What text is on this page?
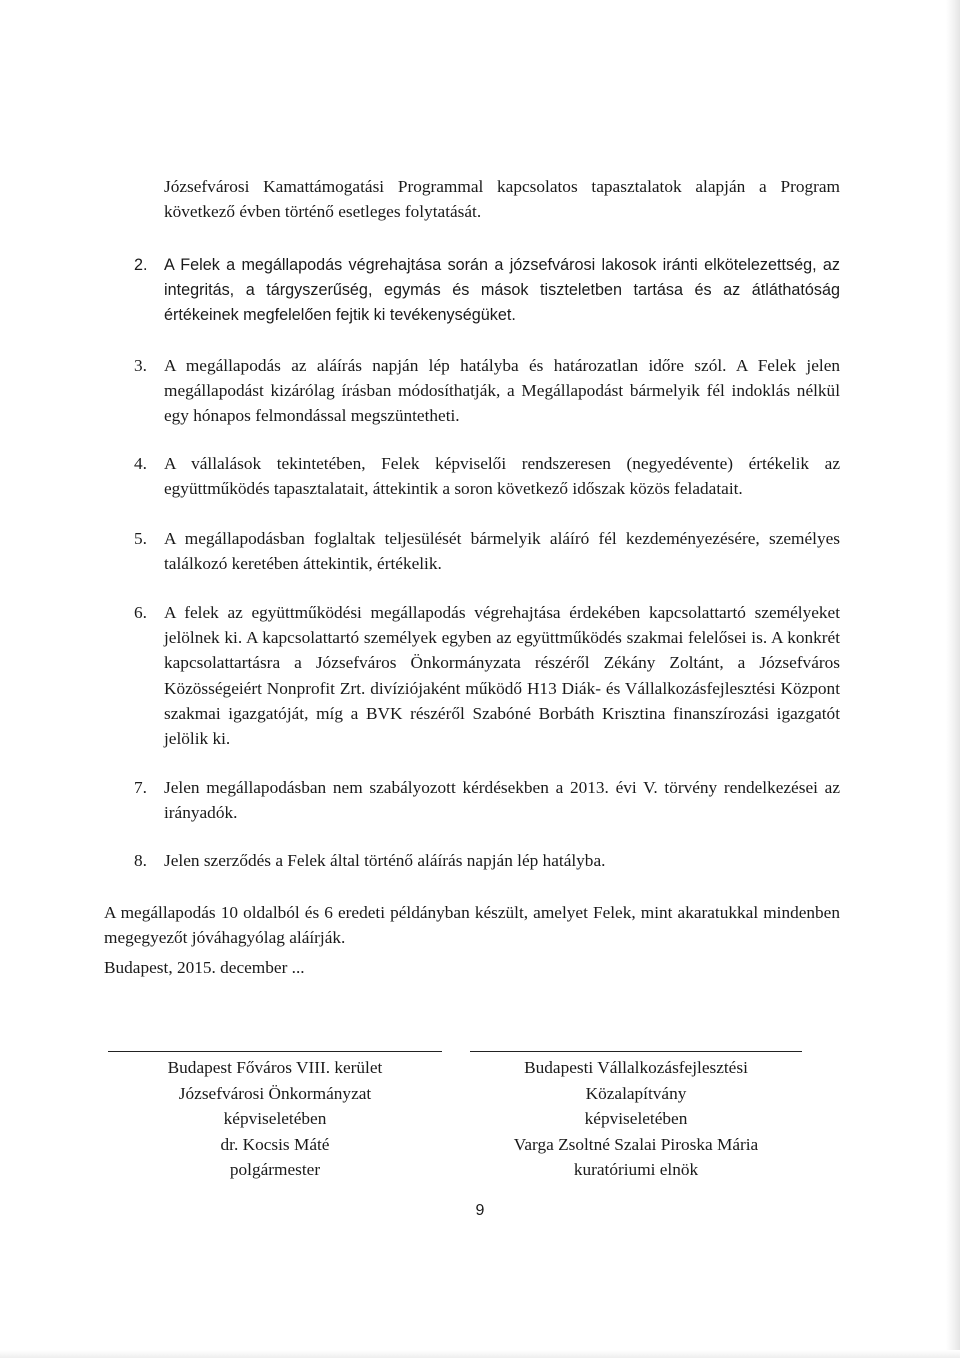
Józsefvárosi Kamattámogatási Programmal kapcsolatos tapasztalatok alapján a Program
következő évben történő esetleges folytatását.
2. A Felek a megállapodás végrehajtása során a józsefvárosi lakosok iránti elkötelezettség, az integritás, a tárgyszerűség, egymás és mások tiszteletben tartása és az átláthatóság értékeinek megfelelően fejtik ki tevékenységüket.
3. A megállapodás az aláírás napján lép hatályba és határozatlan időre szól. A Felek jelen megállapodást kizárólag írásban módosíthatják, a Megállapodást bármelyik fél indoklás nélkül egy hónapos felmondással megszüntetheti.
4. A vállalások tekintetében, Felek képviselői rendszeresen (negyedévente) értékelik az együttműködés tapasztalatait, áttekintik a soron következő időszak közös feladatait.
5. A megállapodásban foglaltak teljesülését bármelyik aláíró fél kezdeményezésére, személyes találkozó keretében áttekintik, értékelik.
6. A felek az együttműködési megállapodás végrehajtása érdekében kapcsolattartó személyeket jelölnek ki. A kapcsolattartó személyek egyben az együttműködés szakmai felelősei is. A konkrét kapcsolattartásra a Józsefváros Önkormányzata részéről Zékány Zoltánt, a Józsefváros Közösségeiért Nonprofit Zrt. divíziójaként működő H13 Diák- és Vállalkozásfejlesztési Központ szakmai igazgatóját, míg a BVK részéről Szabóné Borbáth Krisztina finanszírozási igazgatót jelölik ki.
7. Jelen megállapodásban nem szabályozott kérdésekben a 2013. évi V. törvény rendelkezései az irányadók.
8. Jelen szerződés a Felek által történő aláírás napján lép hatályba.
A megállapodás 10 oldalból és 6 eredeti példányban készült, amelyet Felek, mint akaratukkal mindenben megegyezőt jóváhagyólag aláírják.
Budapest, 2015. december ...
Budapest Főváros VIII. kerület
Józsefvárosi Önkormányzat
képviseletében
dr. Kocsis Máté
polgármester
Budapesti Vállalkozásfejlesztési
Közalapítvány
képviseletében
Varga Zsoltné Szalai Piroska Mária
kuratóriumi elnök
9
